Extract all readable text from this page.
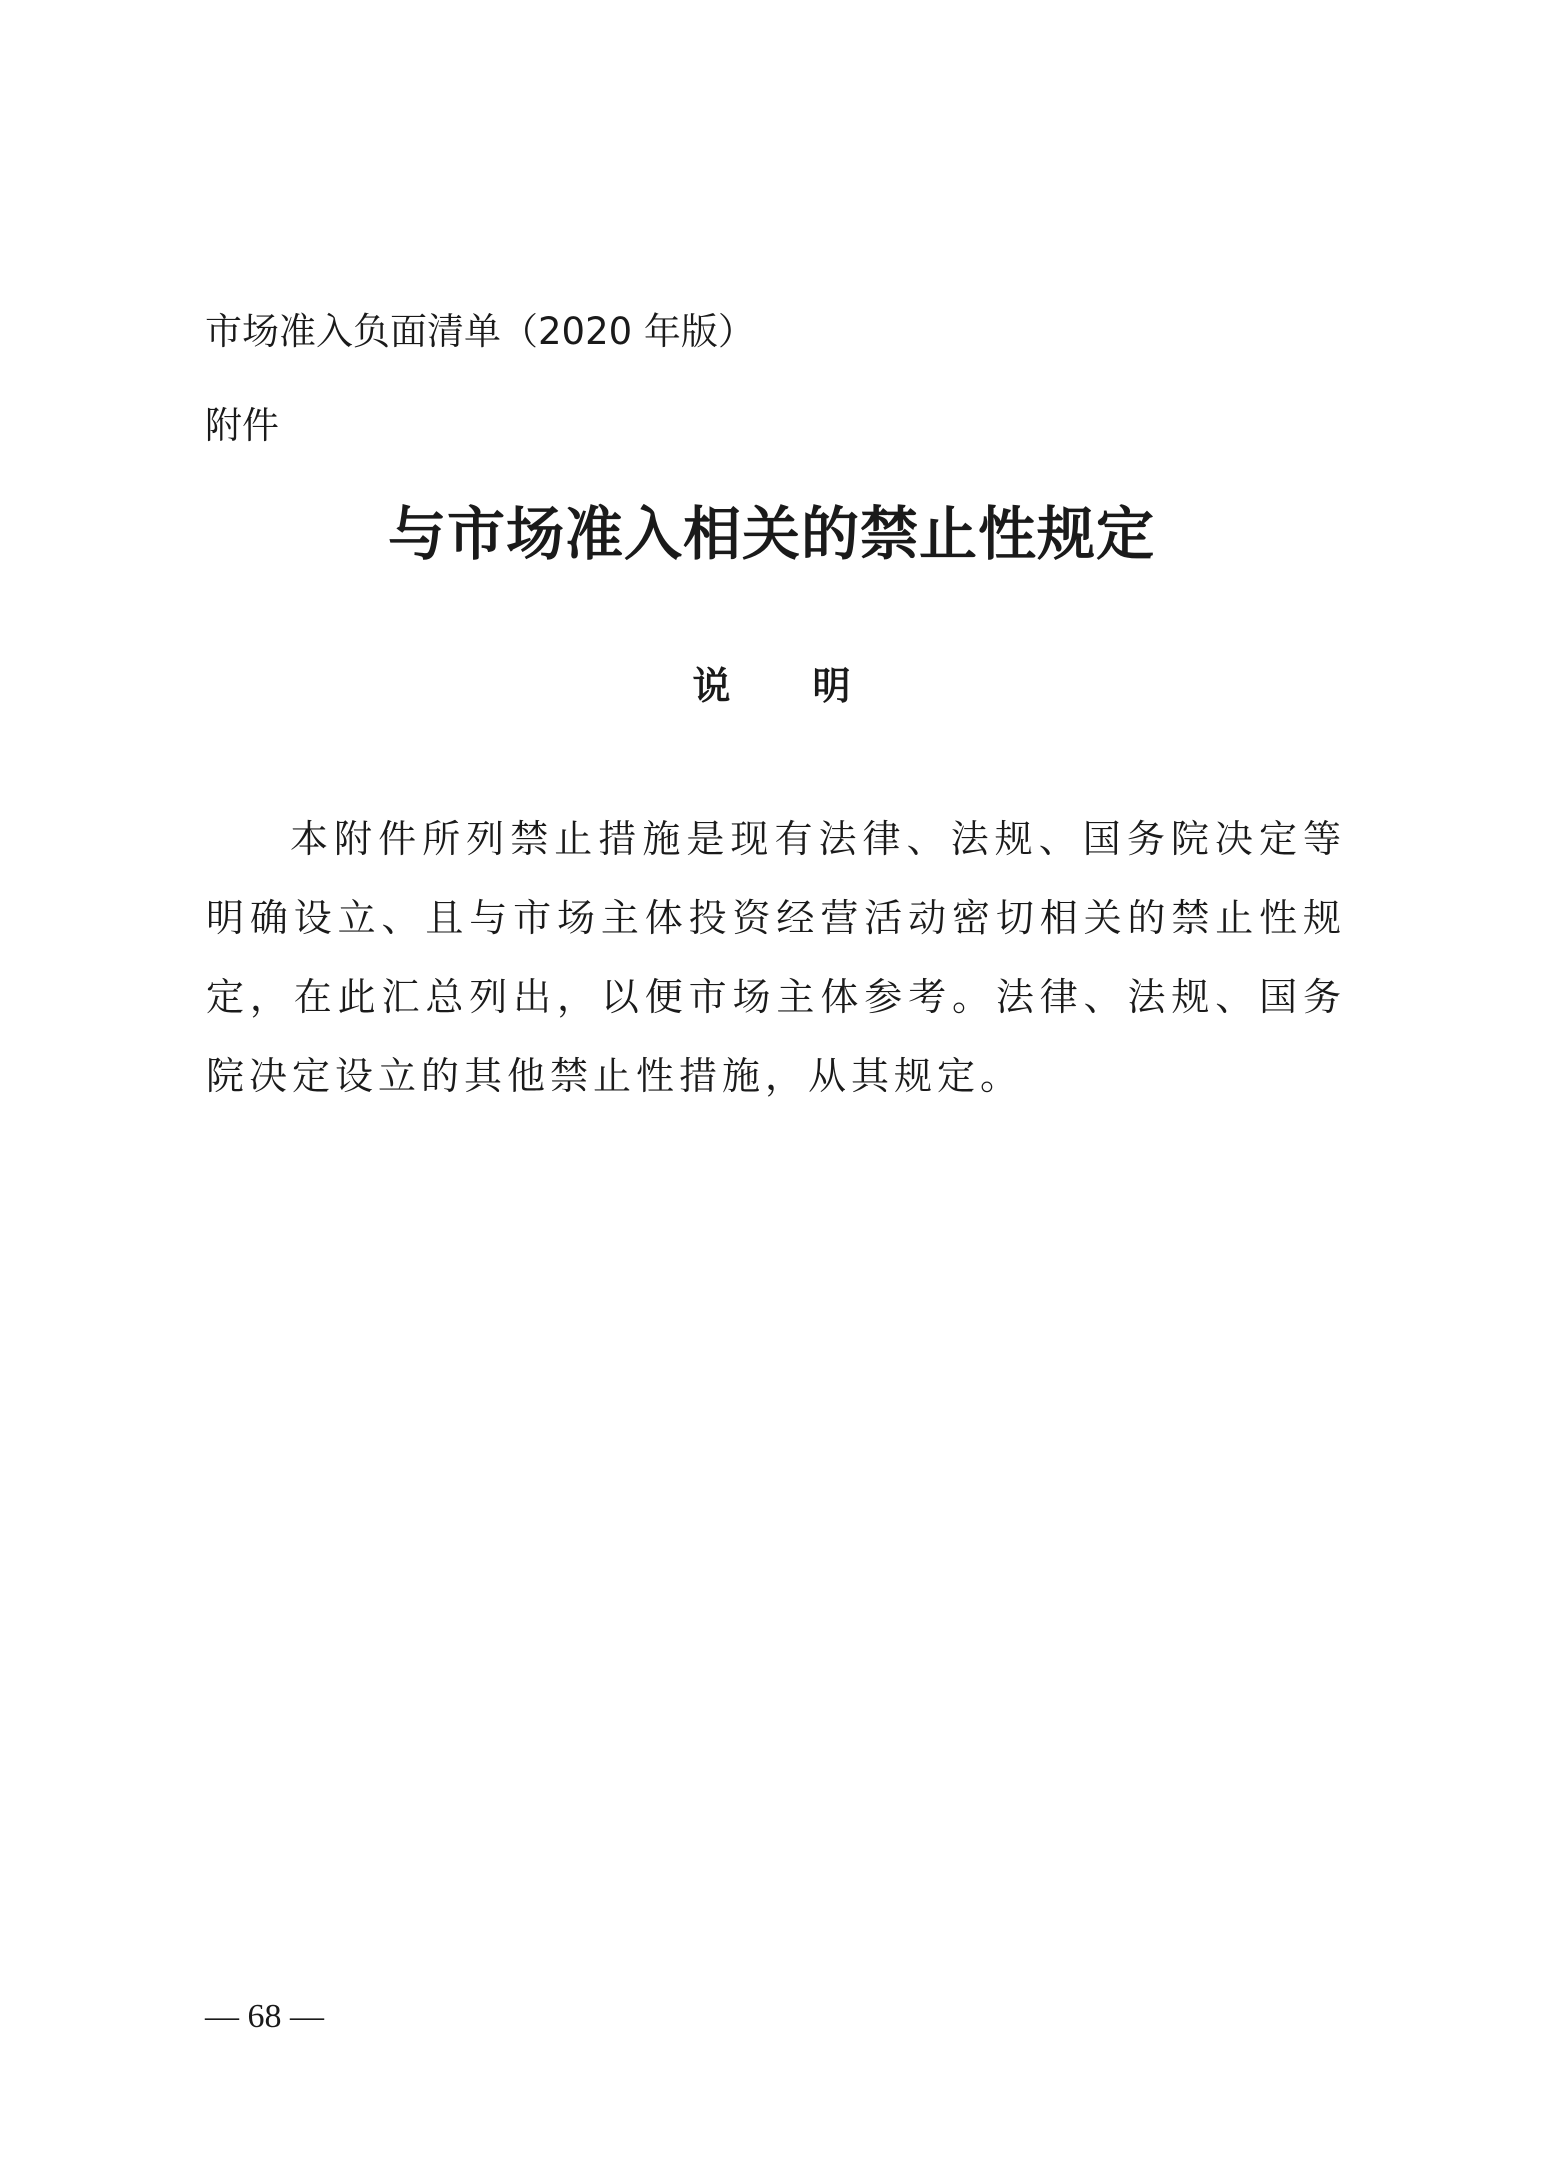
市场准入负面清单（2020 年版）
附件
与市场准入相关的禁止性规定
说明

本附件所列禁止措施是现有法律、法规、国务院决定等明确设立、且与市场主体投资经营活动密切相关的禁止性规定，在此汇总列出，以便市场主体参考。法律、法规、国务院决定设立的其他禁止性措施，从其规定。

— 68 —
